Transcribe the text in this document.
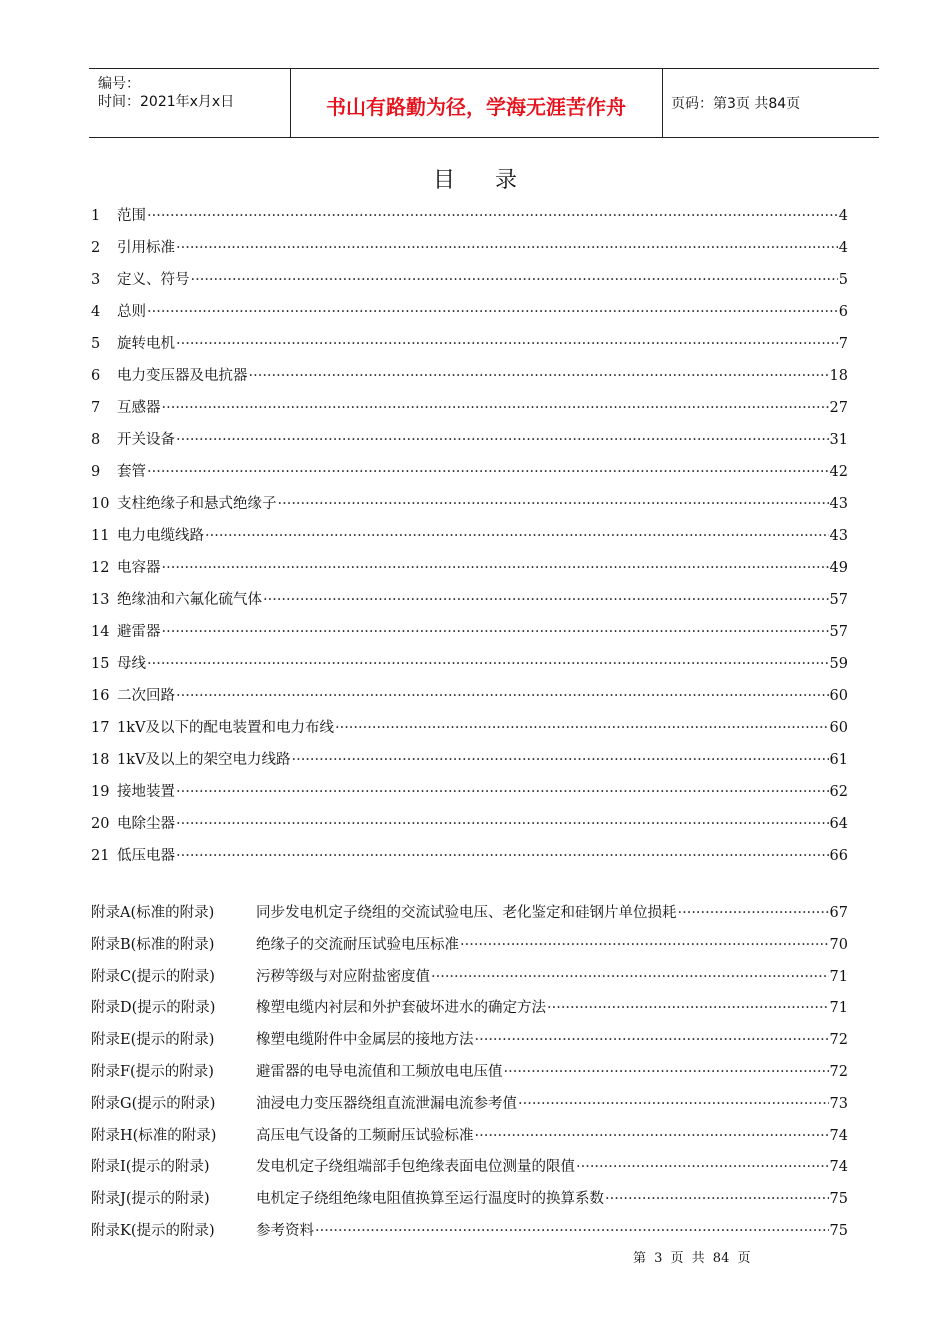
编号：
时间：2021年x月x日	书山有路勤为径，学海无涯苦作舟	页码：第3页 共84页
目录
1	范围 ·····	4
2	引用标准 ·····	4
3	定义、符号 ·····	5
4	总则 ·····	6
5	旋转电机 ·····	7
6	电力变压器及电抗器 ·····	18
7	互感器 ·····	27
8	开关设备 ·····	31
9	套管 ·····	42
10 支柱绝缘子和悬式绝缘子 ·····	43
11 电力电缆线路 ·····	43
12 电容器 ·····	49
13 绝缘油和六氟化硫气体 ·····	57
14 避雷器 ·····	57
15 母线 ·····	59
16 二次回路 ·····	60
17 1kV及以下的配电装置和电力布线 ·····	60
18 1kV及以上的架空电力线路 ·····	61
19 接地装置 ·····	62
20 电除尘器 ·····	64
21 低压电器 ·····	66
附录A(标准的附录)	同步发电机定子绕组的交流试验电压、老化鉴定和硅钢片单位损耗 ·····	67
附录B(标准的附录)	绝缘子的交流耐压试验电压标准 ·····	70
附录C(提示的附录)	污秽等级与对应附盐密度值 ·····	71
附录D(提示的附录)	橡塑电缆内衬层和外护套破坏进水的确定方法 ·····	71
附录E(提示的附录)	橡塑电缆附件中金属层的接地方法 ·····	72
附录F(提示的附录)	避雷器的电导电流值和工频放电电压值 ·····	72
附录G(提示的附录)	油浸电力变压器绕组直流泄漏电流参考值 ·····	73
附录H(标准的附录)	高压电气设备的工频耐压试验标准 ·····	74
附录I(提示的附录)	发电机定子绕组端部手包绝缘表面电位测量的限值 ·····	74
附录J(提示的附录)	电机定子绕组绝缘电阻值换算至运行温度时的换算系数 ·····	75
附录K(提示的附录)	参考资料 ·····	75
第 3 页 共 84 页
